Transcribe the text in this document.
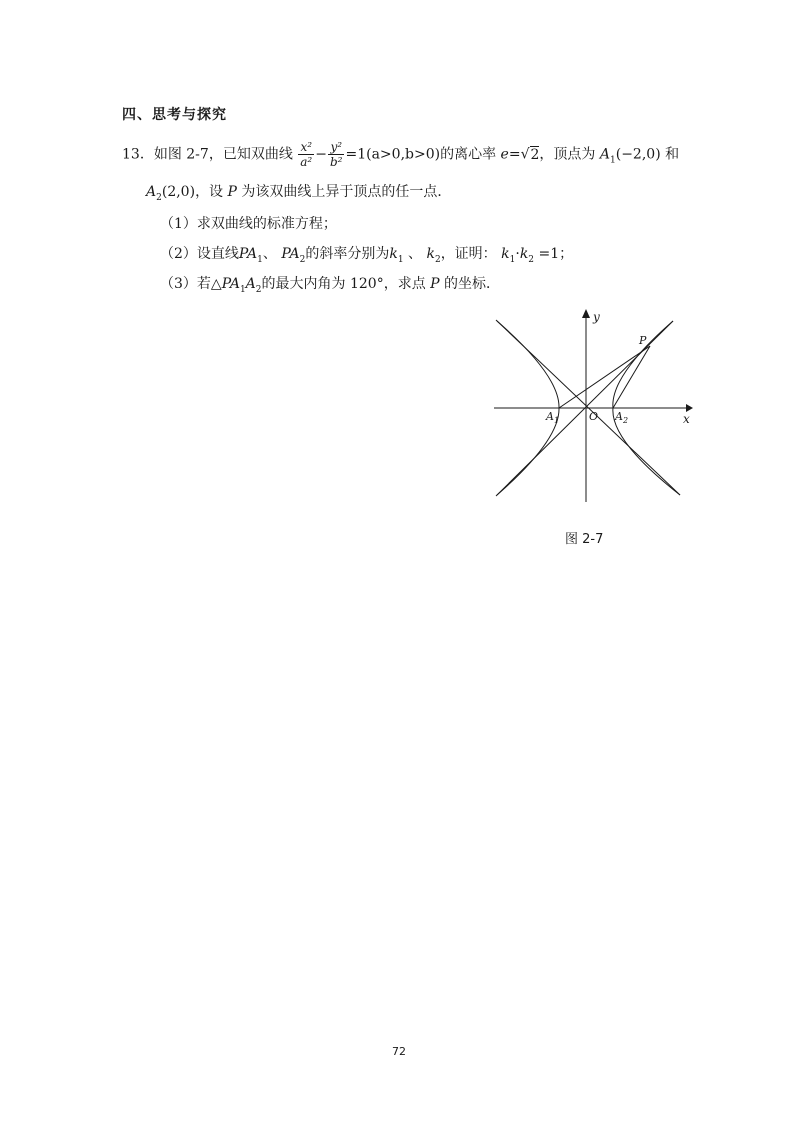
四、思考与探究
13．如图 2-7，已知双曲线 $\frac{\text{x²}}{\text{a²}} - \frac{\text{y²}}{\text{b²}} =1(a>0,b>0)$的离心率 e=√2，顶点为 $A_1(-2,0)$ 和
$A_2(2,0)$，设 P 为该双曲线上异于顶点的任一点．
（1）求双曲线的标准方程；
（2）设直线$PA_1$、 $PA_2$的斜率分别为$k_1$ 、 $k_2$，证明： $k_1\cdot k_2 =1$；
（3）若$\triangle PA_1A_2$的最大内角为 120°，求点 P 的坐标．
y
x
O
P
$A_1$	$A_2$
图 2-7
72
